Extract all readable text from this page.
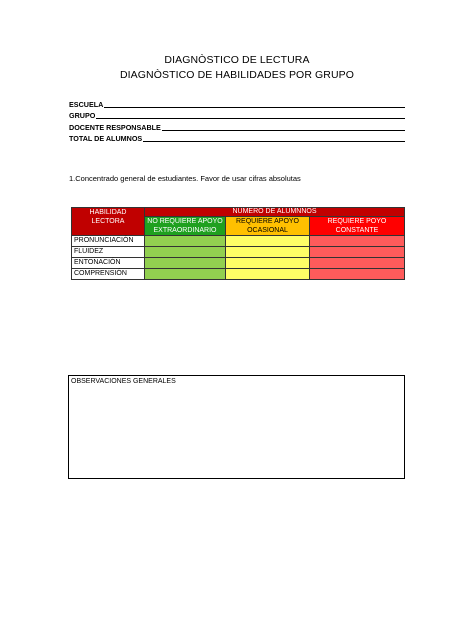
DIAGNÒSTICO DE LECTURA
DIAGNÒSTICO DE HABILIDADES POR GRUPO
ESCUELA
GRUPO
DOCENTE RESPONSABLE
TOTAL DE ALUMNOS
1.Concentrado general de estudiantes. Favor de usar cifras absolutas
HABILIDAD LECTORA	NUMERO DE ALUMNNOS		
	NO REQUIERE APOYO EXTRAORDINARIO	REQUIERE APOYO OCASIONAL	REQUIERE POYO CONSTANTE
PRONUNCIACIÓN			
FLUIDEZ			
ENTONACIÓN			
COMPRENSIÓN			
OBSERVACIONES GENERALES
